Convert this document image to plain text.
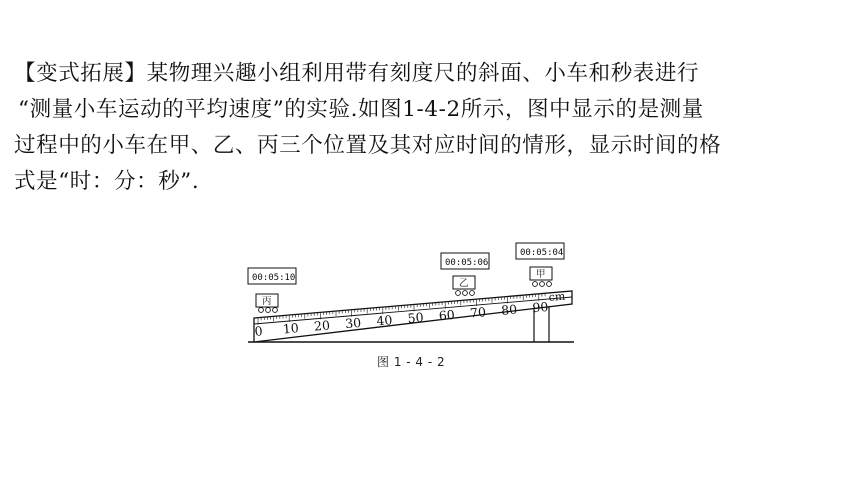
【变式拓展】某物理兴趣小组利用带有刻度尺的斜面、小车和秒表进行
“测量小车运动的平均速度”的实验.如图1-4-2所示，图中显示的是测量
过程中的小车在甲、乙、丙三个位置及其对应时间的情形，显示时间的格
式是“时：分：秒”.
0 10 20 30 40 50 60 70 80 90
cm
00:05:10
丙
00:05:06
乙
00:05:04
甲
图 1 - 4 - 2
